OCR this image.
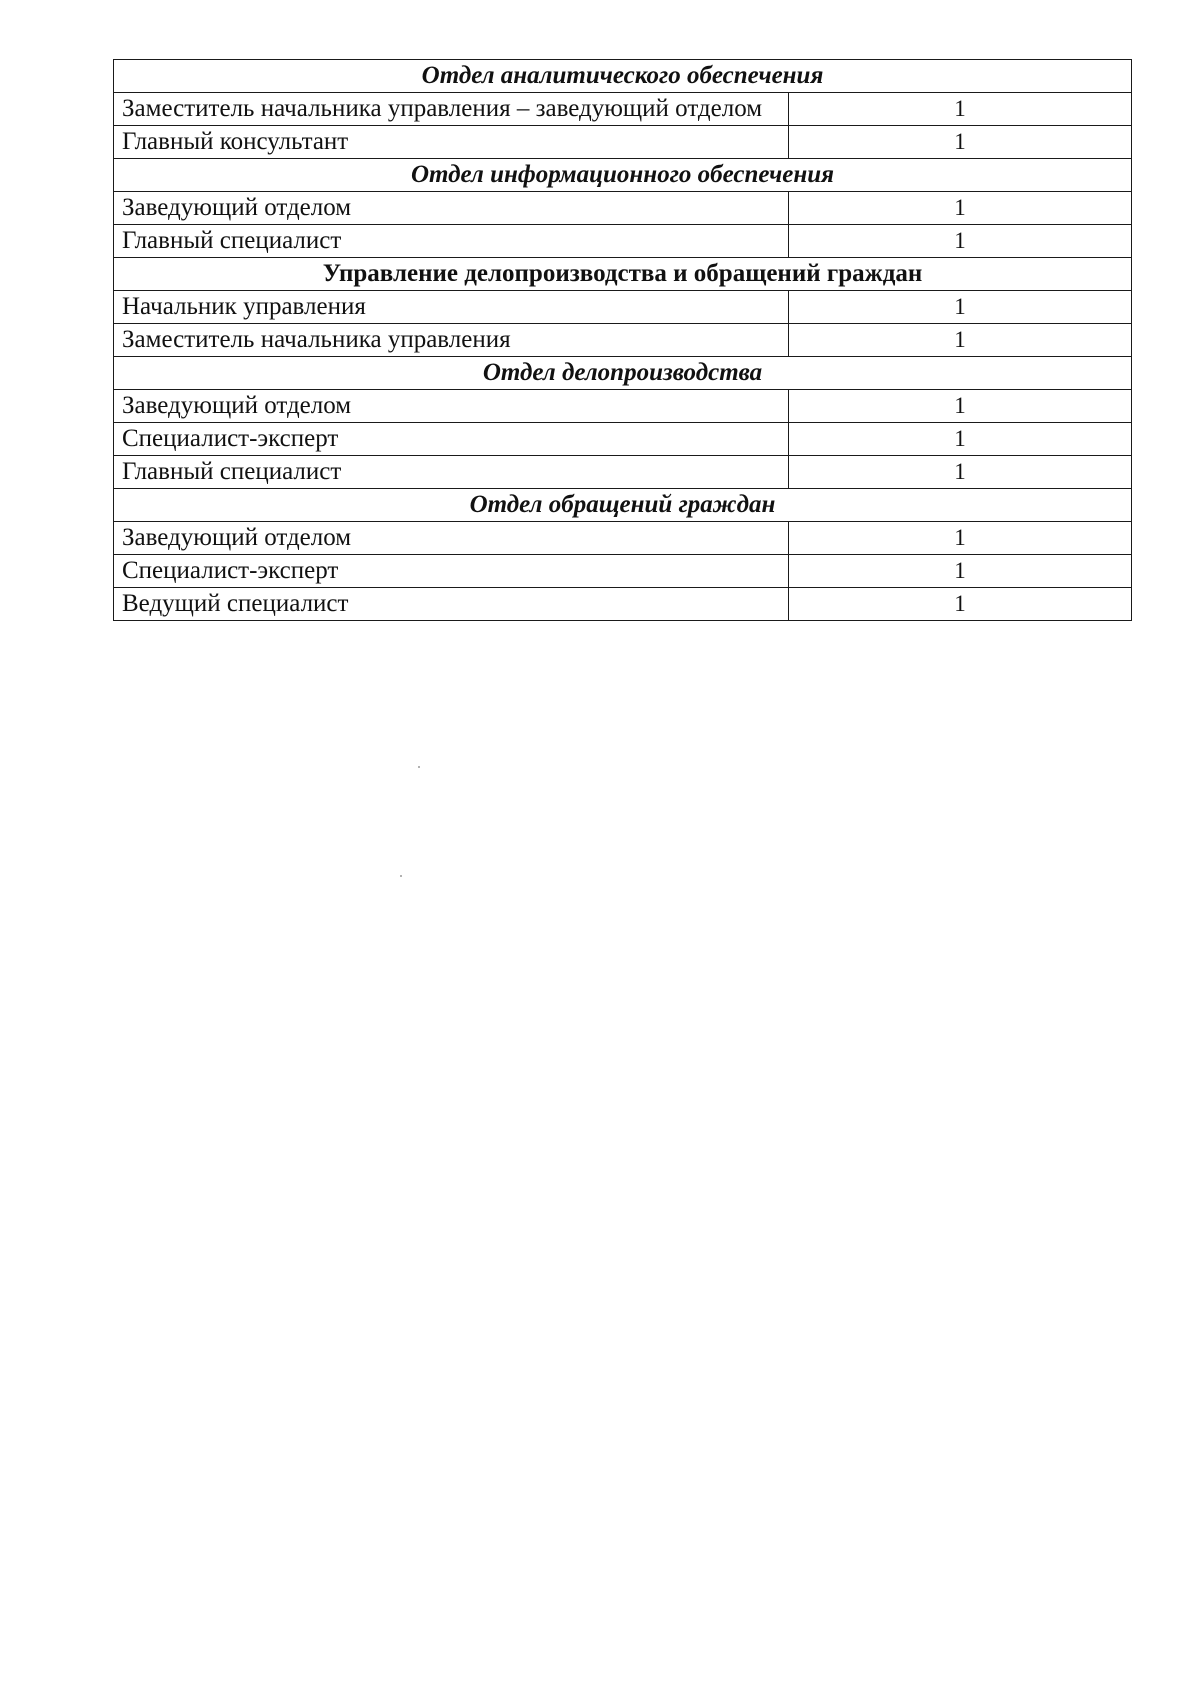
Отдел аналитического обеспечения	
Заместитель начальника управления – заведующий отделом	1
Главный консультант	1
Отдел информационного обеспечения	
Заведующий отделом	1
Главный специалист	1
Управление делопроизводства и обращений граждан	
Начальник управления	1
Заместитель начальника управления	1
Отдел делопроизводства	
Заведующий отделом	1
Специалист-эксперт	1
Главный специалист	1
Отдел обращений граждан	
Заведующий отделом	1
Специалист-эксперт	1
Ведущий специалист	1
